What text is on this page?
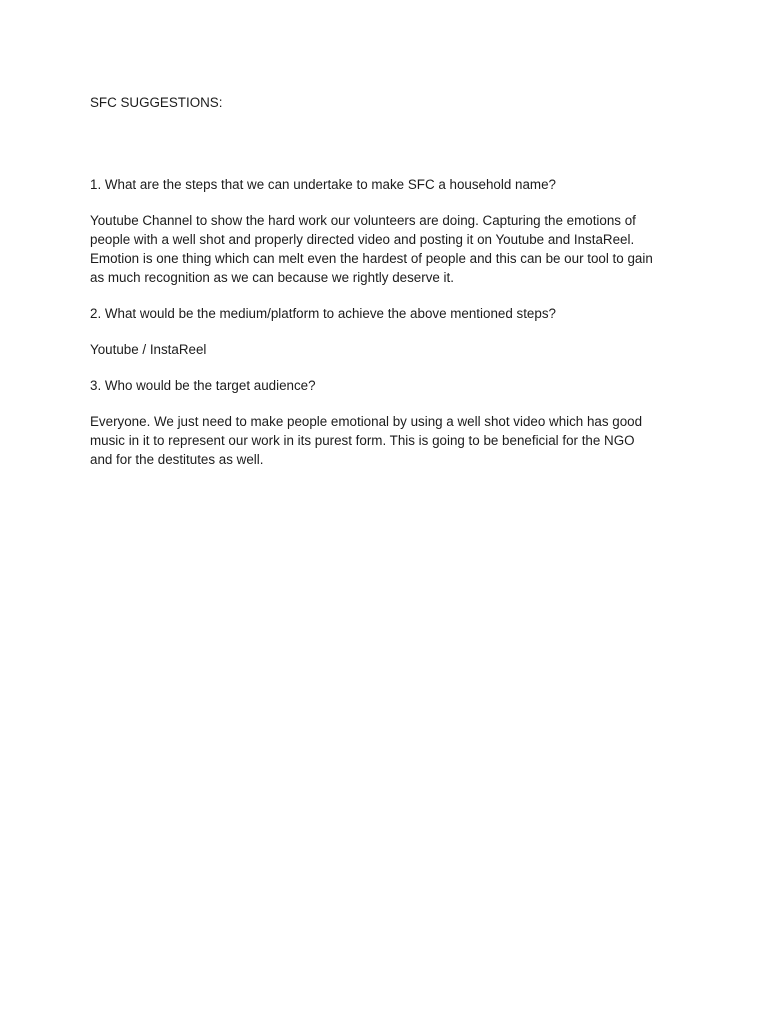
SFC SUGGESTIONS:

1. What are the steps that we can undertake to make SFC a household name?

Youtube Channel to show the hard work our volunteers are doing. Capturing the emotions of

people with a well shot and properly directed video and posting it on Youtube and InstaReel.

Emotion is one thing which can melt even the hardest of people and this can be our tool to gain

as much recognition as we can because we rightly deserve it.

2. What would be the medium/platform to achieve the above mentioned steps?

Youtube / InstaReel

3. Who would be the target audience?

Everyone. We just need to make people emotional by using a well shot video which has good

music in it to represent our work in its purest form. This is going to be beneficial for the NGO

and for the destitutes as well.
